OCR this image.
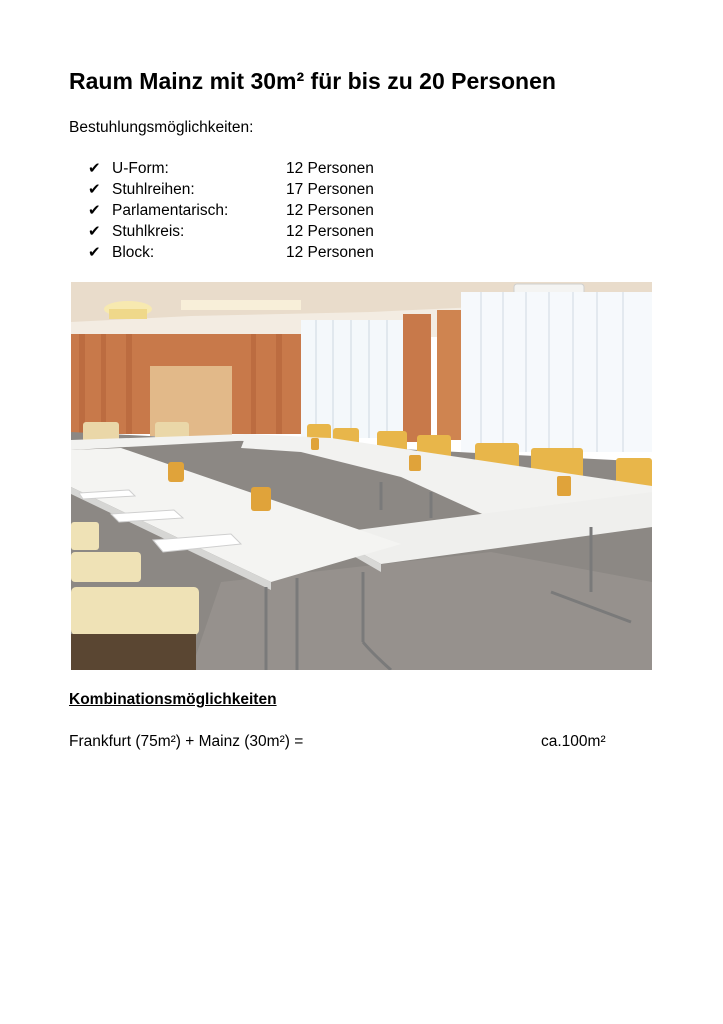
Raum Mainz mit 30m² für bis zu 20 Personen
Bestuhlungsmöglichkeiten:
✔ U-Form:	12 Personen
✔ Stuhlreihen:	17 Personen
✔ Parlamentarisch:	12 Personen
✔ Stuhlkreis:	12 Personen
✔ Block:	12 Personen
Kombinationsmöglichkeiten
Frankfurt (75m²) + Mainz (30m²) =	ca.100m²
